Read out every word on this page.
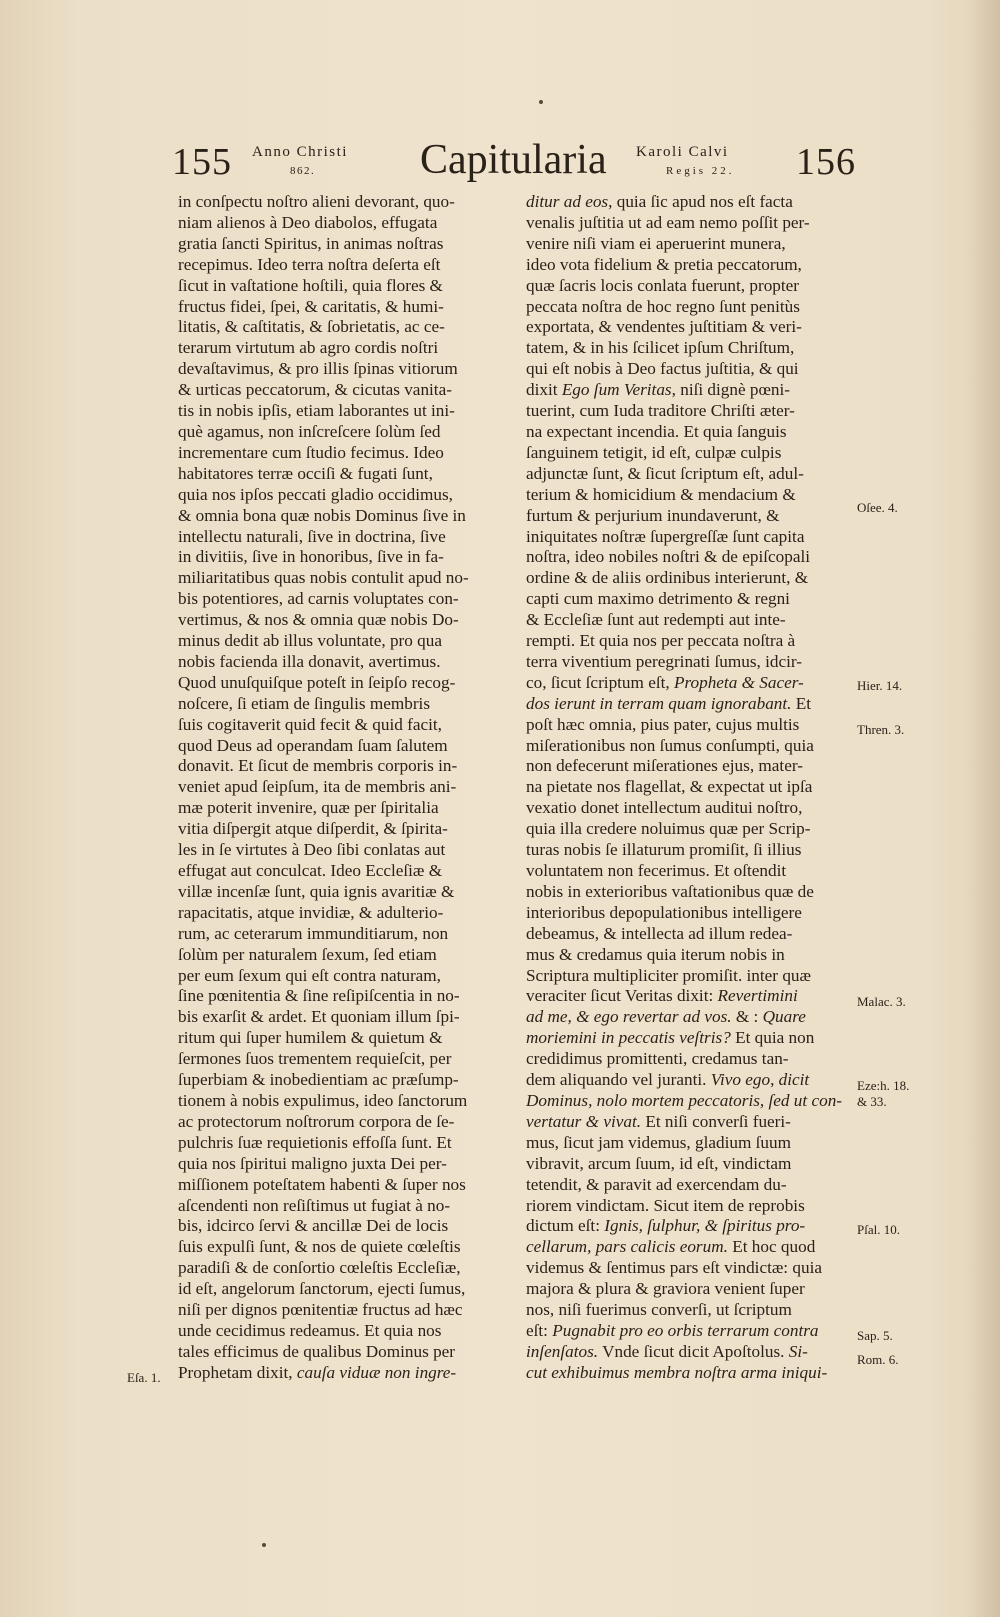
155 Anno Christi
862. Capitularia Karoli Calvi
Regis 22. 156
in conſpectu noſtro alieni devorant, quo-
niam alienos à Deo diabolos, effugata
gratia ſancti Spiritus, in animas noſtras
recepimus. Ideo terra noſtra deſerta eſt
ſicut in vaſtatione hoſtili, quia flores &
fructus fidei, ſpei, & caritatis, & humi-
litatis, & caſtitatis, & ſobrietatis, ac ce-
terarum virtutum ab agro cordis noſtri
devaſtavimus, & pro illis ſpinas vitiorum
& urticas peccatorum, & cicutas vanita-
tis in nobis ipſis, etiam laborantes ut ini-
què agamus, non inſcreſcere ſolùm ſed
incrementare cum ſtudio fecimus. Ideo
habitatores terræ occiſi & fugati ſunt,
quia nos ipſos peccati gladio occidimus,
& omnia bona quæ nobis Dominus ſive in
intellectu naturali, ſive in doctrina, ſive
in divitiis, ſive in honoribus, ſive in fa-
miliaritatibus quas nobis contulit apud no-
bis potentiores, ad carnis voluptates con-
vertimus, & nos & omnia quæ nobis Do-
minus dedit ab illus voluntate, pro qua
nobis facienda illa donavit, avertimus.
Quod unuſquiſque poteſt in ſeipſo recog-
noſcere, ſi etiam de ſingulis membris
ſuis cogitaverit quid fecit & quid facit,
quod Deus ad operandam ſuam ſalutem
donavit. Et ſicut de membris corporis in-
veniet apud ſeipſum, ita de membris ani-
mæ poterit invenire, quæ per ſpiritalia
vitia diſpergit atque diſperdit, & ſpirita-
les in ſe virtutes à Deo ſibi conlatas aut
effugat aut conculcat. Ideo Eccleſiæ &
villæ incenſæ ſunt, quia ignis avaritiæ &
rapacitatis, atque invidiæ, & adulterio-
rum, ac ceterarum immunditiarum, non
ſolùm per naturalem ſexum, ſed etiam
per eum ſexum qui eſt contra naturam,
ſine pœnitentia & ſine reſipiſcentia in no-
bis exarſit & ardet. Et quoniam illum ſpi-
ritum qui ſuper humilem & quietum &
ſermones ſuos trementem requieſcit, per
ſuperbiam & inobedientiam ac præſump-
tionem à nobis expulimus, ideo ſanctorum
ac protectorum noſtrorum corpora de ſe-
pulchris ſuæ requietionis effoſſa ſunt. Et
quia nos ſpiritui maligno juxta Dei per-
miſſionem poteſtatem habenti & ſuper nos
aſcendenti non reſiſtimus ut fugiat à no-
bis, idcirco ſervi & ancillæ Dei de locis
ſuis expulſi ſunt, & nos de quiete cœleſtis
paradiſi & de conſortio cœleſtis Eccleſiæ,
id eſt, angelorum ſanctorum, ejecti ſumus,
niſi per dignos pœnitentiæ fructus ad hæc
unde cecidimus redeamus. Et quia nos
tales efficimus de qualibus Dominus per
Prophetam dixit, cauſa viduæ non ingre-
ditur ad eos, quia ſic apud nos eſt facta
venalis juſtitia ut ad eam nemo poſſit per-
venire niſi viam ei aperuerint munera,
ideo vota fidelium & pretia peccatorum,
quæ ſacris locis conlata fuerunt, propter
peccata noſtra de hoc regno ſunt penitùs
exportata, & vendentes juſtitiam & veri-
tatem, & in his ſcilicet ipſum Chriſtum,
qui eſt nobis à Deo factus juſtitia, & qui
dixit Ego ſum Veritas, niſi dignè pœni-
tuerint, cum Iuda traditore Chriſti æter-
na expectant incendia. Et quia ſanguis
ſanguinem tetigit, id eſt, culpæ culpis
adjunctæ ſunt, & ſicut ſcriptum eſt, adul-
terium & homicidium & mendacium &
furtum & perjurium inundaverunt, &
iniquitates noſtræ ſupergreſſæ ſunt capita
noſtra, ideo nobiles noſtri & de epiſcopali
ordine & de aliis ordinibus interierunt, &
capti cum maximo detrimento & regni
& Eccleſiæ ſunt aut redempti aut inte-
rempti. Et quia nos per peccata noſtra à
terra viventium peregrinati ſumus, idcir-
co, ſicut ſcriptum eſt, Propheta & Sacer-
dos ierunt in terram quam ignorabant. Et
poſt hæc omnia, pius pater, cujus multis
miſerationibus non ſumus conſumpti, quia
non defecerunt miſerationes ejus, mater-
na pietate nos flagellat, & expectat ut ipſa
vexatio donet intellectum auditui noſtro,
quia illa credere noluimus quæ per Scrip-
turas nobis ſe illaturum promiſit, ſi illius
voluntatem non fecerimus. Et oſtendit
nobis in exterioribus vaſtationibus quæ de
interioribus depopulationibus intelligere
debeamus, & intellecta ad illum redea-
mus & credamus quia iterum nobis in
Scriptura multipliciter promiſit. inter quæ
veraciter ſicut Veritas dixit: Revertimini
ad me, & ego revertar ad vos. & : Quare
moriemini in peccatis veſtris? Et quia non
credidimus promittenti, credamus tan-
dem aliquando vel juranti. Vivo ego, dicit
Dominus, nolo mortem peccatoris, ſed ut con-
vertatur & vivat. Et niſi converſi fueri-
mus, ſicut jam videmus, gladium ſuum
vibravit, arcum ſuum, id eſt, vindictam
tetendit, & paravit ad exercendam du-
riorem vindictam. Sicut item de reprobis
dictum eſt: Ignis, ſulphur, & ſpiritus pro-
cellarum, pars calicis eorum. Et hoc quod
videmus & ſentimus pars eſt vindictæ: quia
majora & plura & graviora venient ſuper
nos, niſi fuerimus converſi, ut ſcriptum
eſt: Pugnabit pro eo orbis terrarum contra
inſenſatos. Vnde ſicut dicit Apoſtolus. Si-
cut exhibuimus membra noſtra arma iniqui-
Eſa. 1.
Oſee. 4.
Hier. 14.
Thren. 3.
Malac. 3.
Eze:h. 18.
& 33.
Pſal. 10.
Sap. 5.
Rom. 6.
